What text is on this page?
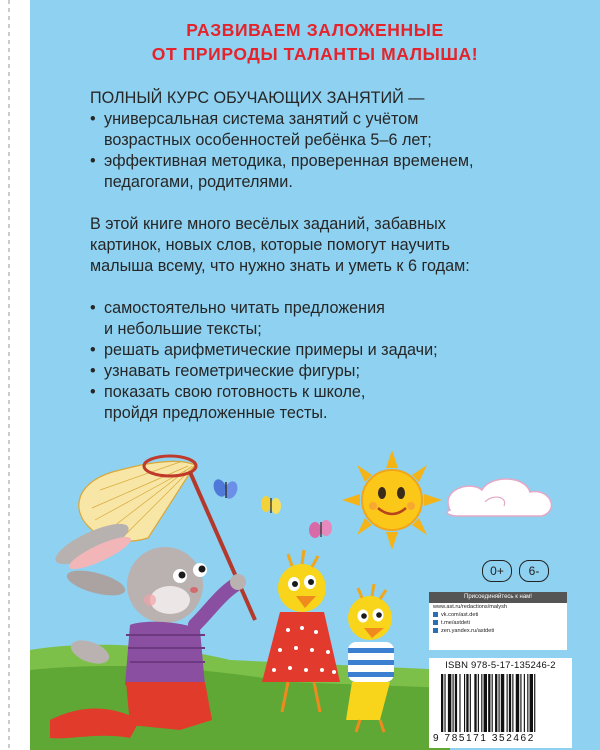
РАЗВИВАЕМ ЗАЛОЖЕННЫЕ
ОТ ПРИРОДЫ ТАЛАНТЫ МАЛЫША!

ПОЛНЫЙ КУРС ОБУЧАЮЩИХ ЗАНЯТИЙ —

• универсальная система занятий с учётом
возрастных особенностей ребёнка 5–6 лет;
• эффективная методика, проверенная временем,
педагогами, родителями.
В этой книге много весёлых заданий, забавных
картинок, новых слов, которые помогут научить
малыша всему, что нужно знать и уметь к 6 годам:
• самостоятельно читать предложения
и небольшие тексты;
• решать арифметические примеры и задачи;
• узнавать геометрические фигуры;
• показать свою готовность к школе,
пройдя предложенные тесты.
0+	6-
Присоединяйтесь к нам!
www.ast.ru/redactions/malysh
vk.com/ast.deti
t.me/astdeti
zen.yandex.ru/astdeti
ISBN 978-5-17-135246-2
9 785171 352462
